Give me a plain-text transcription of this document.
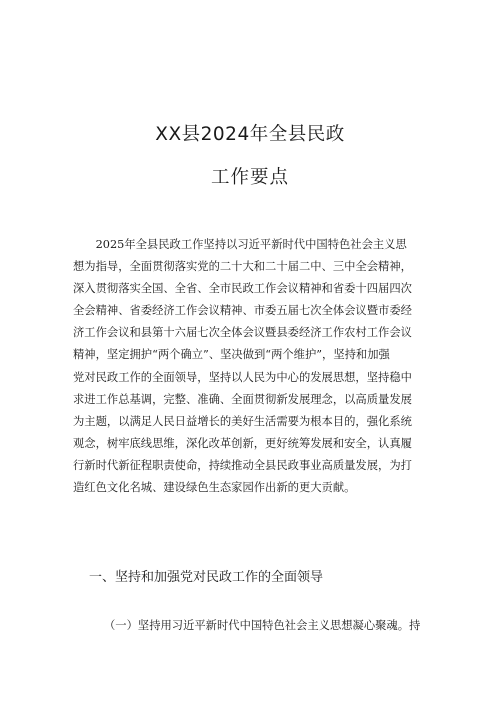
XX县2024年全县民政
工作要点

2025年全县民政工作坚持以习近平新时代中国特色社会主义思
想为指导，全面贯彻落实党的二十大和二十届二中、三中全会精神，
深入贯彻落实全国、全省、全市民政工作会议精神和省委十四届四次
全会精神、省委经济工作会议精神、市委五届七次全体会议暨市委经
济工作会议和县第十六届七次全体会议暨县委经济工作农村工作会议
精神，坚定拥护“两个确立”、坚决做到“两个维护”，坚持和加强
党对民政工作的全面领导，坚持以人民为中心的发展思想，坚持稳中
求进工作总基调，完整、准确、全面贯彻新发展理念，以高质量发展
为主题，以满足人民日益增长的美好生活需要为根本目的，强化系统
观念，树牢底线思维，深化改革创新，更好统筹发展和安全，认真履
行新时代新征程职责使命，持续推动全县民政事业高质量发展，为打
造红色文化名城、建设绿色生态家园作出新的更大贡献。

一、坚持和加强党对民政工作的全面领导
（一）坚持用习近平新时代中国特色社会主义思想凝心聚魂。持
